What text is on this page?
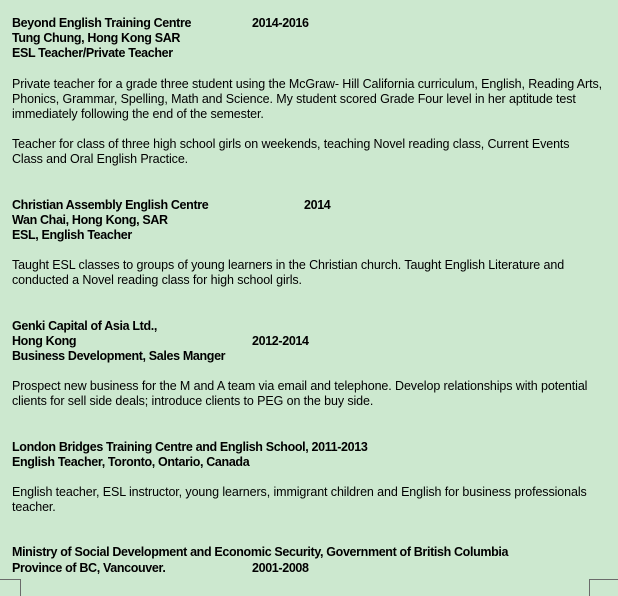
Beyond English Training Centre	2014-2016
Tung Chung, Hong Kong SAR
ESL Teacher/Private Teacher

Private teacher for a grade three student using the McGraw- Hill California curriculum, English, Reading Arts, Phonics, Grammar, Spelling, Math and Science. My student scored Grade Four level in her aptitude test immediately following the end of the semester.

Teacher for class of three high school girls on weekends, teaching Novel reading class, Current Events Class and Oral English Practice.

Christian Assembly English Centre	2014
Wan Chai, Hong Kong, SAR
ESL, English Teacher

Taught ESL classes to groups of young learners in the Christian church. Taught English Literature and conducted a Novel reading class for high school girls.

Genki Capital of Asia Ltd.,
Hong Kong	2012-2014
Business Development, Sales Manger

Prospect new business for the M and A team via email and telephone. Develop relationships with potential clients for sell side deals; introduce clients to PEG on the buy side.

London Bridges Training Centre and English School, 2011-2013
English Teacher, Toronto, Ontario, Canada

English teacher, ESL instructor, young learners, immigrant children and English for business professionals teacher.

Ministry of Social Development and Economic Security, Government of British Columbia
Province of BC, Vancouver.	2001-2008
